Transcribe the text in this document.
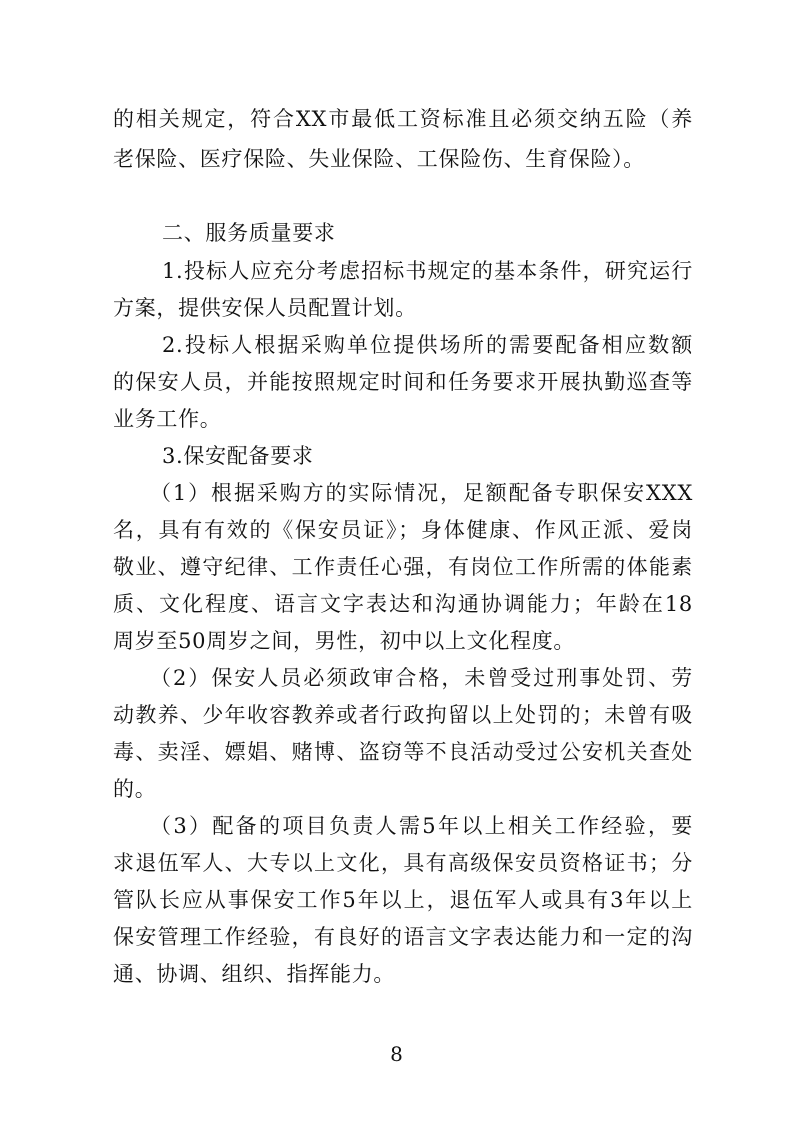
的相关规定，符合XX市最低工资标准且必须交纳五险（养
老保险、医疗保险、失业保险、工保险伤、生育保险）。
二、服务质量要求
1.投标人应充分考虑招标书规定的基本条件，研究运行
方案，提供安保人员配置计划。
2.投标人根据采购单位提供场所的需要配备相应数额
的保安人员，并能按照规定时间和任务要求开展执勤巡查等
业务工作。
3.保安配备要求
（1）根据采购方的实际情况，足额配备专职保安XXX
名，具有有效的《保安员证》；身体健康、作风正派、爱岗
敬业、遵守纪律、工作责任心强，有岗位工作所需的体能素
质、文化程度、语言文字表达和沟通协调能力；年龄在18
周岁至50周岁之间，男性，初中以上文化程度。
（2）保安人员必须政审合格，未曾受过刑事处罚、劳
动教养、少年收容教养或者行政拘留以上处罚的；未曾有吸
毒、卖淫、嫖娼、赌博、盗窃等不良活动受过公安机关查处
的。
（3）配备的项目负责人需5年以上相关工作经验，要
求退伍军人、大专以上文化，具有高级保安员资格证书；分
管队长应从事保安工作5年以上，退伍军人或具有3年以上
保安管理工作经验，有良好的语言文字表达能力和一定的沟
通、协调、组织、指挥能力。
8
